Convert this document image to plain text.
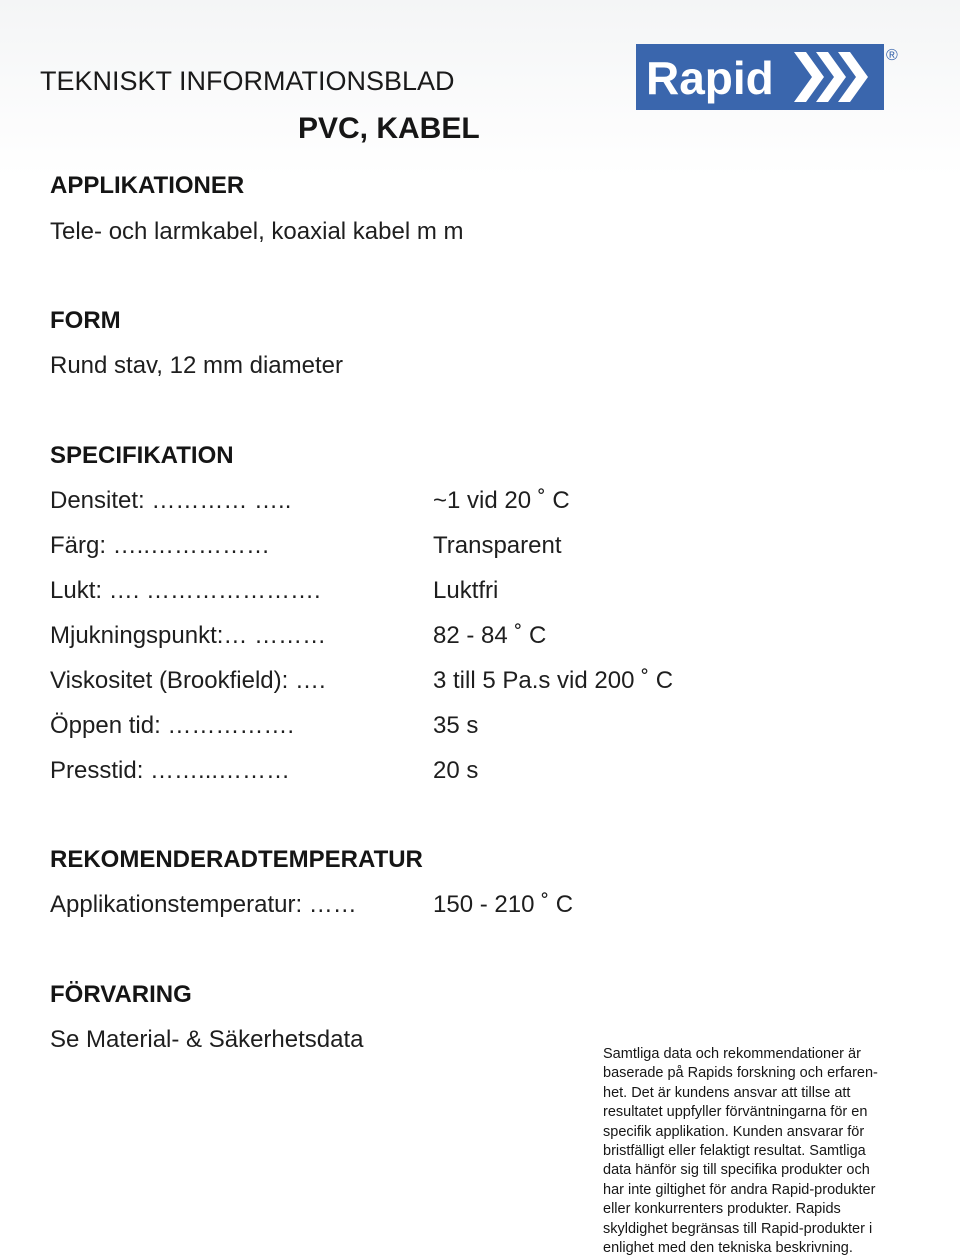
TEKNISKT INFORMATIONSBLAD
PVC, KABEL
Rapid	®
APPLIKATIONER
Tele- och larmkabel, koaxial kabel m m
FORM
Rund stav, 12 mm diameter
SPECIFIKATION
Densitet: ………… …..	~1 vid 20 ˚ C
Färg: …..……………	Transparent
Lukt: …. ………………….	Luktfri
Mjukningspunkt:… ………	82 - 84 ˚ C
Viskositet (Brookfield): ….	3 till 5 Pa.s vid 200 ˚ C
Öppen tid: …………….	35 s
Presstid: ……...………	20 s
REKOMENDERADTEMPERATUR
Applikationstemperatur: ……	150 - 210 ˚ C
FÖRVARING
Se Material- & Säkerhetsdata
Samtliga data och rekommendationer är
baserade på Rapids forskning och erfaren-
het. Det är kundens ansvar att tillse att
resultatet uppfyller förväntningarna för en
specifik applikation. Kunden ansvarar för
bristfälligt eller felaktigt resultat. Samtliga
data hänför sig till specifika produkter och
har inte giltighet för andra Rapid-produkter
eller konkurrenters produkter. Rapids
skyldighet begränsas till Rapid-produkter i
enlighet med den tekniska beskrivning.
